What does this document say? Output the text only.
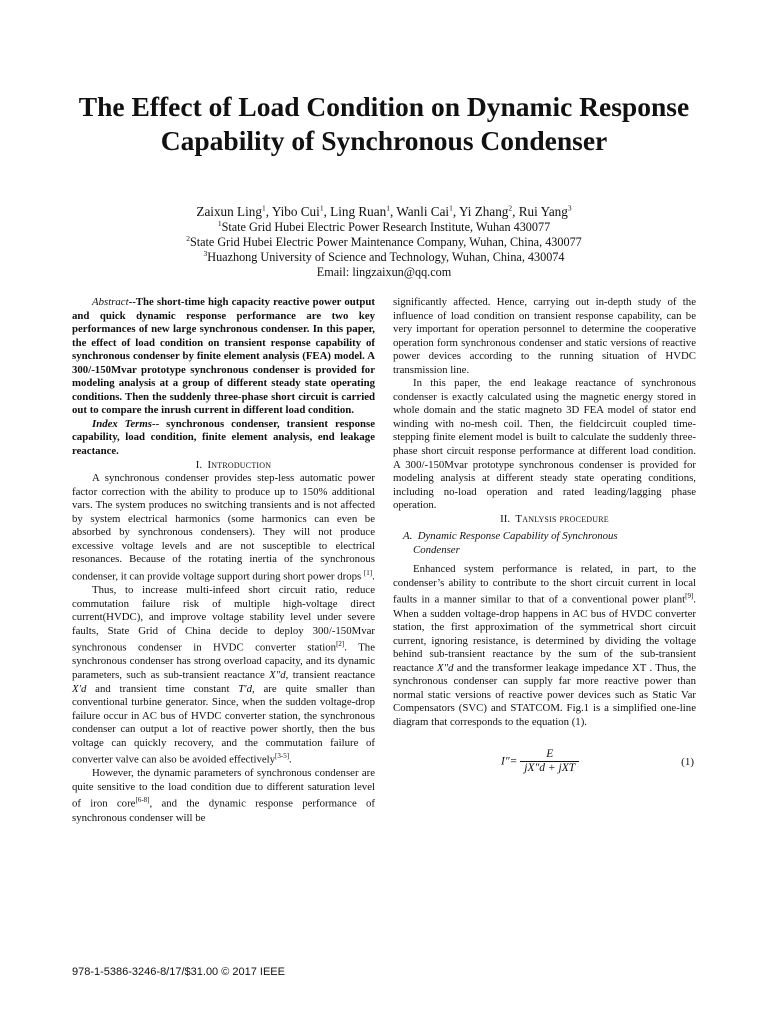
The Effect of Load Condition on Dynamic Response Capability of Synchronous Condenser
Zaixun Ling$^1$, Yibo Cui$^1$, Ling Ruan$^1$, Wanli Cai$^1$, Yi Zhang$^2$, Rui Yang$^3$
$^1$State Grid Hubei Electric Power Research Institute, Wuhan 430077
$^2$State Grid Hubei Electric Power Maintenance Company, Wuhan, China, 430077
$^3$Huazhong University of Science and Technology, Wuhan, China, 430074
Email: lingzaixun@qq.com

Abstract--The short-time high capacity reactive power output and quick dynamic response performance are two key performances of new large synchronous condenser. In this paper, the effect of load condition on transient response capability of synchronous condenser by finite element analysis (FEA) model. A 300/-150Mvar prototype synchronous condenser is provided for modeling analysis at a group of different steady state operating conditions. Then the suddenly three-phase short circuit is carried out to compare the inrush current in different load condition.

Index Terms-- synchronous condenser, transient response capability, load condition, finite element analysis, end leakage reactance.

I. Introduction

A synchronous condenser provides step-less automatic power factor correction with the ability to produce up to 150% additional vars. The system produces no switching transients and is not affected by system electrical harmonics (some harmonics can even be absorbed by synchronous condensers). They will not produce excessive voltage levels and are not susceptible to electrical resonances. Because of the rotating inertia of the synchronous condenser, it can provide voltage support during short power drops [1].

Thus, to increase multi-infeed short circuit ratio, reduce commutation failure risk of multiple high-voltage direct current(HVDC), and improve voltage stability level under severe faults, State Grid of China decide to deploy 300/-150Mvar synchronous condenser in HVDC converter station[2]. The synchronous condenser has strong overload capacity, and its dynamic parameters, such as sub-transient reactance X″d, transient reactance X′d and transient time constant T′d, are quite smaller than conventional turbine generator. Since, when the sudden voltage-drop failure occur in AC bus of HVDC converter station, the synchronous condenser can output a lot of reactive power shortly, then the bus voltage can quickly recovery, and the commutation failure of converter valve can also be avoided effectively[3-5].

However, the dynamic parameters of synchronous condenser are quite sensitive to the load condition due to different saturation level of iron core[6-8], and the dynamic response performance of synchronous condenser will be

significantly affected. Hence, carrying out in-depth study of the influence of load condition on transient response capability, can be very important for operation personnel to determine the cooperative operation form synchronous condenser and static versions of reactive power devices according to the running situation of HVDC transmission line.

In this paper, the end leakage reactance of synchronous condenser is exactly calculated using the magnetic energy stored in whole domain and the static magneto 3D FEA model of stator end winding with no-mesh coil. Then, the fieldcircuit coupled time-stepping finite element model is built to calculate the suddenly three-phase short circuit response performance at different load condition. A 300/-150Mvar prototype synchronous condenser is provided for modeling analysis at different steady state operating conditions, including no-load operation and rated leading/lagging phase operation.

II. Tanlysis procedure

A. Dynamic Response Capability of Synchronous
Condenser

Enhanced system performance is related, in part, to the condenser’s ability to contribute to the short circuit current in local faults in a manner similar to that of a conventional power plant[9]. When a sudden voltage-drop happens in AC bus of HVDC converter station, the first approximation of the symmetrical short circuit current, ignoring resistance, is determined by dividing the voltage behind sub-transient reactance by the sum of the sub-transient reactance X″d and the transformer leakage impedance XT . Thus, the synchronous condenser can supply far more reactive power than normal static versions of reactive power devices such as Static Var Compensators (SVC) and STATCOM. Fig.1 is a simplified one-line diagram that corresponds to the equation (1).

$I''= \frac{E}{\text{jX″d + jXT}}$	(1)
978-1-5386-3246-8/17/$31.00 © 2017 IEEE
